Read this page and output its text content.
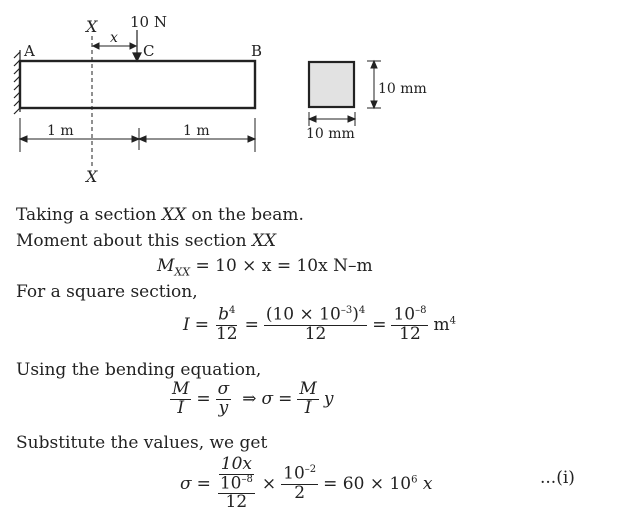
X
X
x
10 N
A	B
C
1 m	1 m
10 mm
10 mm
Taking a section XX on the beam.
Moment about this section XX
$M_{XX} = 10 \times x = 10x$ N–m
For a square section,
$I = \frac{b^4}{12} = \frac{(10 \times 10^{-3})^4}{12} = \frac{10^{-8}}{12} m^4$
Using the bending equation,
$\frac{M}{I} = \frac{\sigma}{y}$ ⇒ $\sigma = \frac{M}{I}$ y
Substitute the values, we get
$\sigma = \frac{10x}{\frac{10^{-8}}{12}} \times \frac{10^{-2}}{2} = 60 \times 10^6$ x	...(i)
